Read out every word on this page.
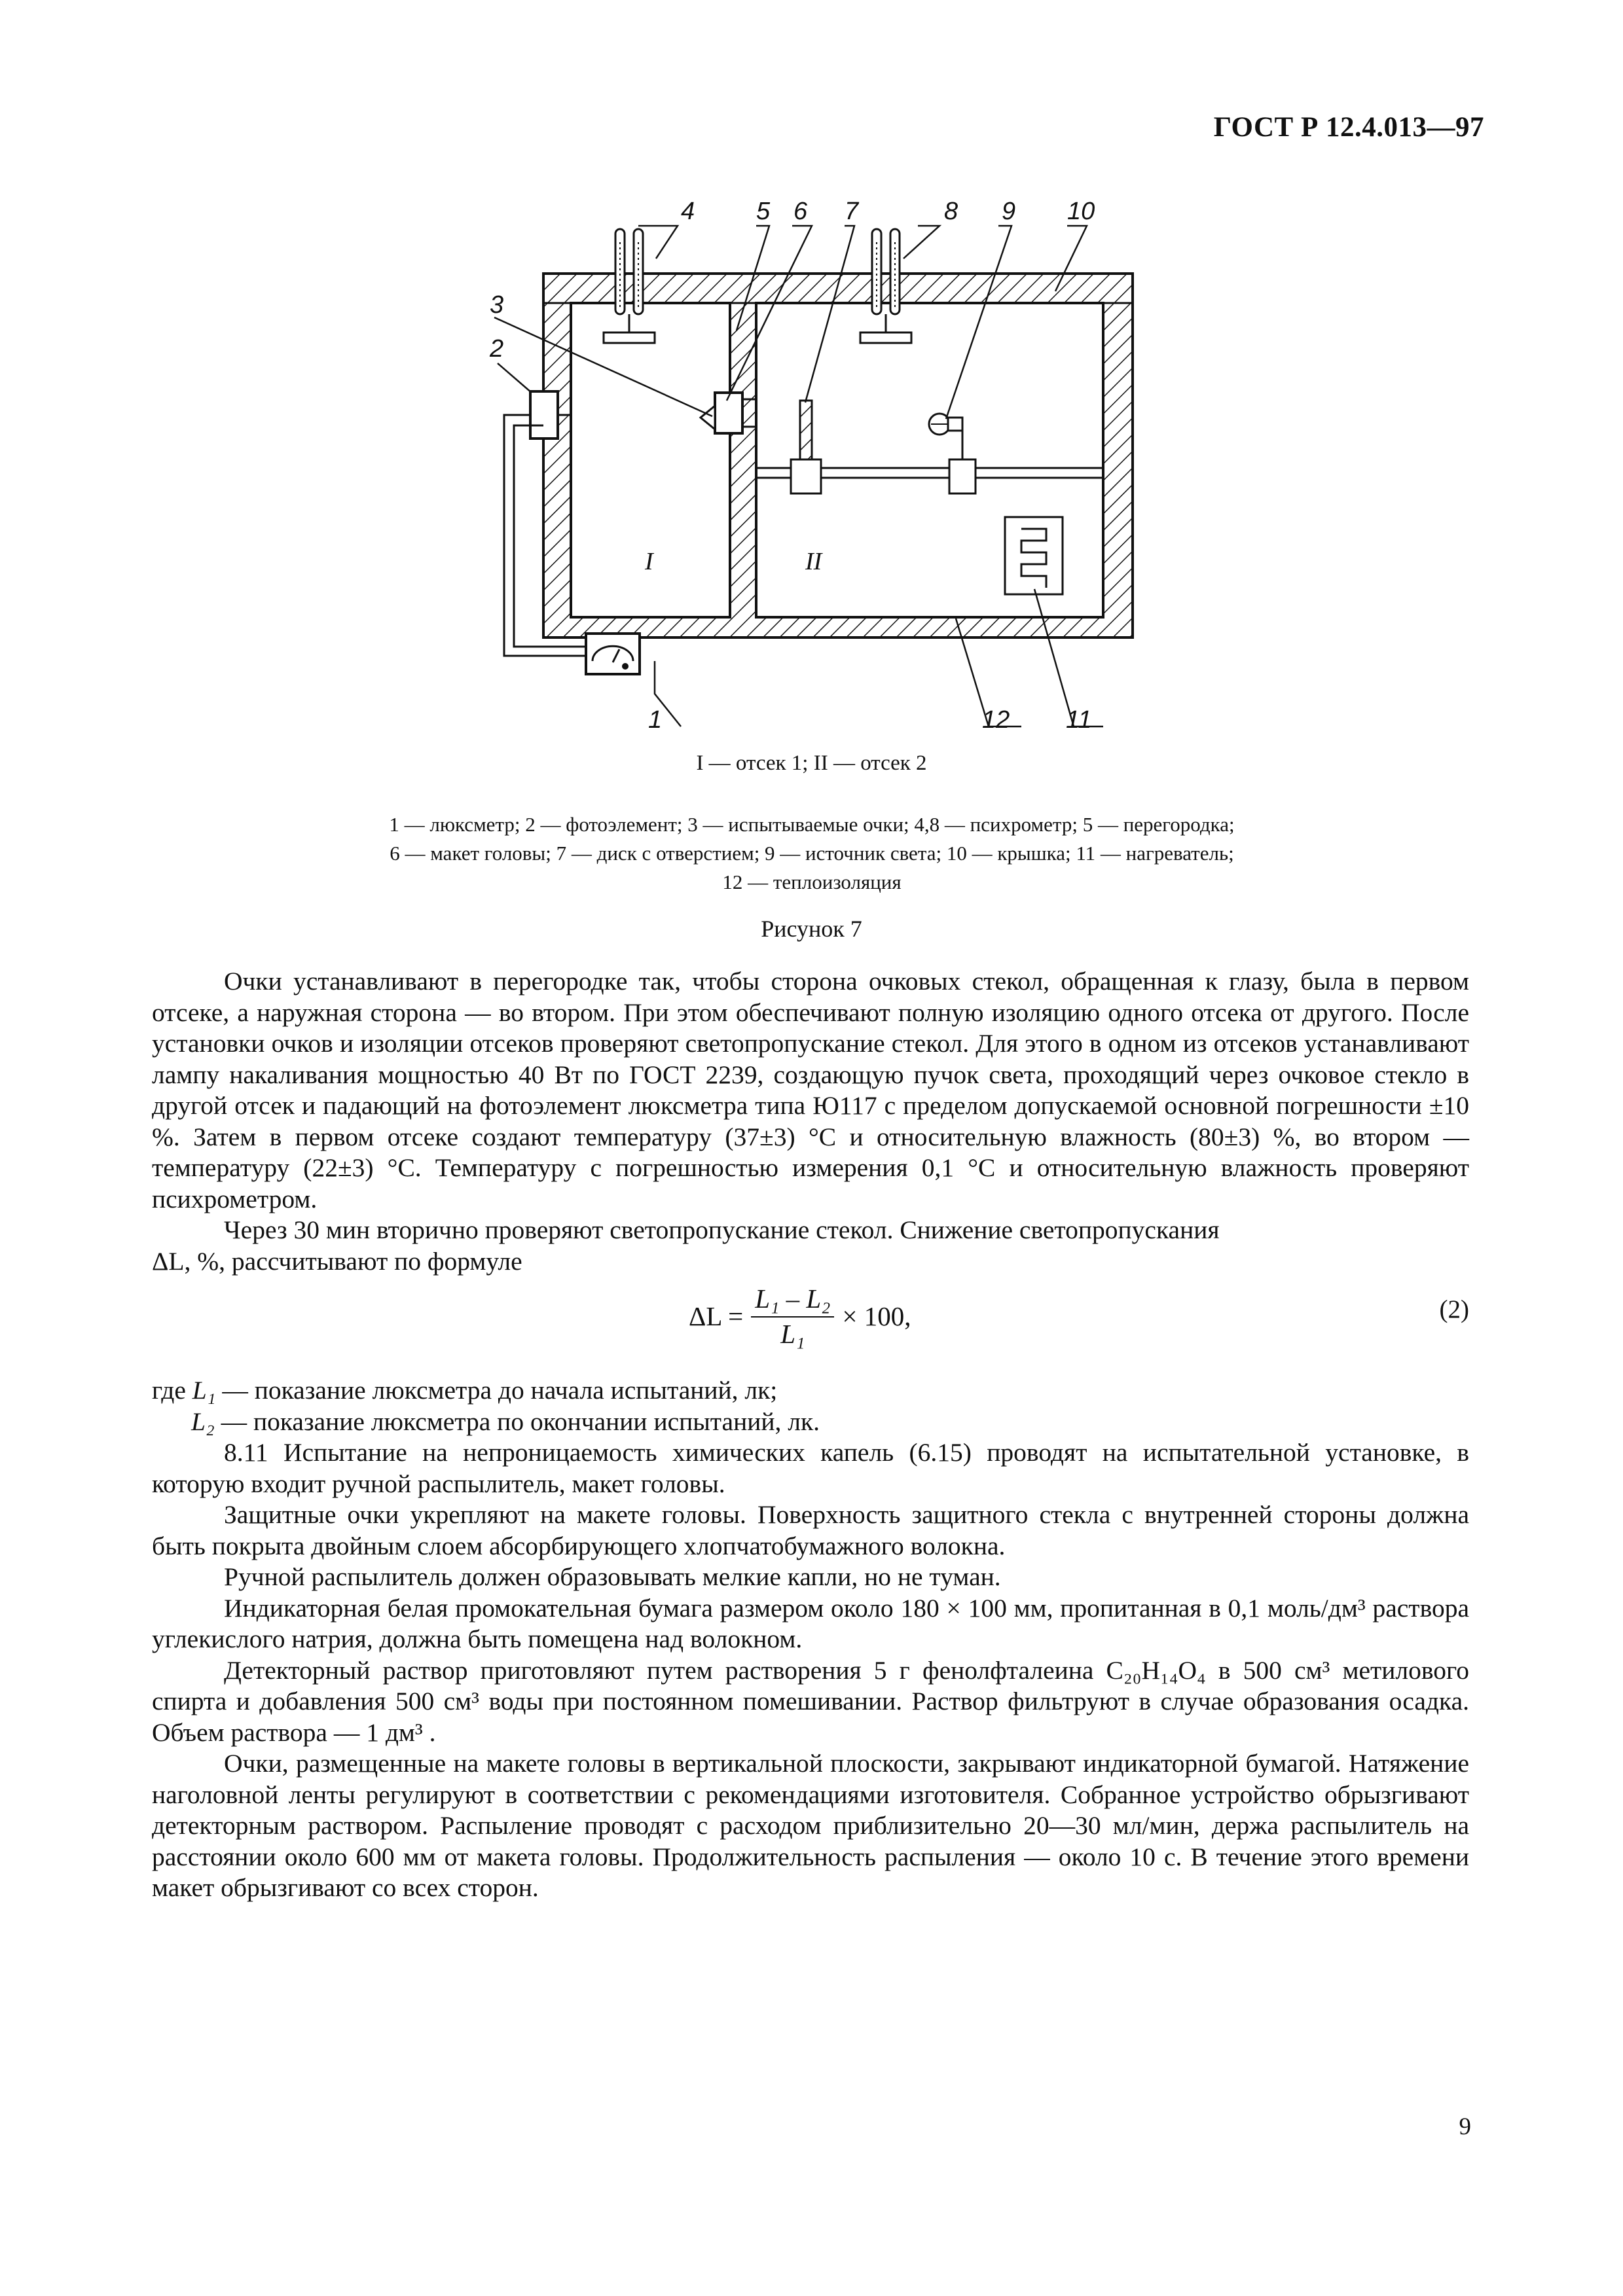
ГОСТ Р 12.4.013—97
I	II
4 5 6 7	8 9 10
3
2
1	12 11
I — отсек 1; II — отсек 2
1 — люксметр; 2 — фотоэлемент; 3 — испытываемые очки; 4,8 — психрометр; 5 — перегородка;
6 — макет головы; 7 — диск с отверстием; 9 — источник света; 10 — крышка; 11 — нагреватель;
12 — теплоизоляция
Рисунок 7

Очки устанавливают в перегородке так, чтобы сторона очковых стекол, обращенная к глазу, была в первом отсеке, а наружная сторона — во втором. При этом обеспечивают полную изоляцию одного отсека от другого. После установки очков и изоляции отсеков проверяют светопропускание стекол. Для этого в одном из отсеков устанавливают лампу накаливания мощностью 40 Вт по ГОСТ 2239, создающую пучок света, проходящий через очковое стекло в другой отсек и падающий на фотоэлемент люксметра типа Ю117 с пределом допускаемой основной погрешности ±10 %. Затем в первом отсеке создают температуру (37±3) °С и относительную влажность (80±3) %, во втором — температуру (22±3) °С. Температуру с погрешностью измерения 0,1 °С и относительную влажность проверяют психрометром.

Через 30 мин вторично проверяют светопропускание стекол. Снижение светопропускания

ΔL, %, рассчитывают по формуле

$\Delta L = \frac{\text{L₁ – L₂}}{\text{L₁}} \times 100$,	(2)
где
L₁
— показание люксметра до начала испытаний, лк;
L₂
— показание люксметра по окончании испытаний, лк.

8.11 Испытание на непроницаемость химических капель (6.15) проводят на испытательной установке, в которую входит ручной распылитель, макет головы.

Защитные очки укрепляют на макете головы. Поверхность защитного стекла с внутренней стороны должна быть покрыта двойным слоем абсорбирующего хлопчатобумажного волокна.

Ручной распылитель должен образовывать мелкие капли, но не туман.

Индикаторная белая промокательная бумага размером около 180 × 100 мм, пропитанная в 0,1 моль/дм³ раствора углекислого натрия, должна быть помещена над волокном.

Детекторный раствор приготовляют путем растворения 5 г фенолфталеина C₂₀H₁₄O₄ в 500 см³ метилового спирта и добавления 500 см³ воды при постоянном помешивании. Раствор фильтруют в случае образования осадка. Объем раствора — 1 дм³ .

Очки, размещенные на макете головы в вертикальной плоскости, закрывают индикаторной бумагой. Натяжение наголовной ленты регулируют в соответствии с рекомендациями изготовителя. Собранное устройство обрызгивают детекторным раствором. Распыление проводят с расходом приблизительно 20—30 мл/мин, держа распылитель на расстоянии около 600 мм от макета головы. Продолжительность распыления — около 10 с. В течение этого времени макет обрызгивают со всех сторон.

9
